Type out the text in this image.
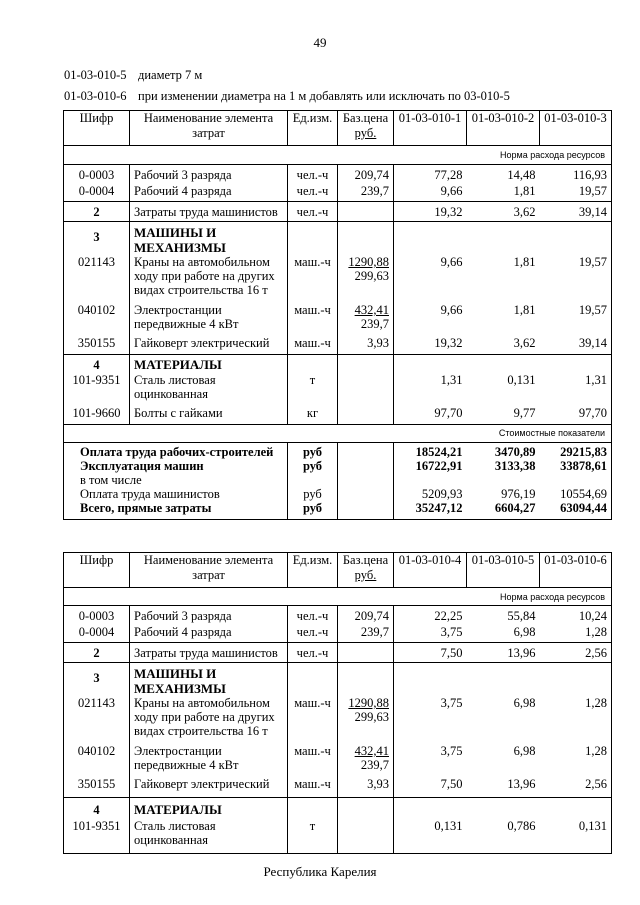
49
01-03-010-5 диаметр 7 м
01-03-010-6 при изменении диаметра на 1 м добавлять или исключать по 03-010-5
Шифр	Наименование элемента
затрат	Ед.изм.	Баз.цена
руб.	01-03-010-1	01-03-010-2	01-03-010-3
Норма расхода ресурсов						
0-0003	Рабочий 3 разряда	чел.-ч	209,74	77,28	14,48	116,93
0-0004	Рабочий 4 разряда	чел.-ч	239,7	9,66	1,81	19,57
2	Затраты труда машинистов	чел.-ч		19,32	3,62	39,14
3	МАШИНЫ И
МЕХАНИЗМЫ					
021143	Краны на автомобильном
ходу при работе на других
видах строительства 16 т	маш.-ч	1290,88
299,63	9,66	1,81	19,57
040102	Электростанции
передвижные 4 кВт	маш.-ч	432,41
239,7	9,66	1,81	19,57
350155	Гайковерт электрический	маш.-ч	3,93	19,32	3,62	39,14
4	МАТЕРИАЛЫ					
101-9351	Сталь листовая
оцинкованная	т		1,31	0,131	1,31
101-9660	Болты с гайками	кг		97,70	9,77	97,70
Стоимостные показатели						
Оплата труда рабочих-строителей		руб		18524,21	3470,89	29215,83
Эксплуатация машин		руб		16722,91	3133,38	33878,61
в том числе						
Оплата труда машинистов		руб		5209,93	976,19	10554,69
Всего, прямые затраты		руб		35247,12	6604,27	63094,44
Шифр	Наименование элемента
затрат	Ед.изм.	Баз.цена
руб.	01-03-010-4	01-03-010-5	01-03-010-6
Норма расхода ресурсов						
0-0003	Рабочий 3 разряда	чел.-ч	209,74	22,25	55,84	10,24
0-0004	Рабочий 4 разряда	чел.-ч	239,7	3,75	6,98	1,28
2	Затраты труда машинистов	чел.-ч		7,50	13,96	2,56
3	МАШИНЫ И
МЕХАНИЗМЫ					
021143	Краны на автомобильном
ходу при работе на других
видах строительства 16 т	маш.-ч	1290,88
299,63	3,75	6,98	1,28
040102	Электростанции
передвижные 4 кВт	маш.-ч	432,41
239,7	3,75	6,98	1,28
350155	Гайковерт электрический	маш.-ч	3,93	7,50	13,96	2,56
4	МАТЕРИАЛЫ					
101-9351	Сталь листовая
оцинкованная	т		0,131	0,786	0,131
Республика Карелия
